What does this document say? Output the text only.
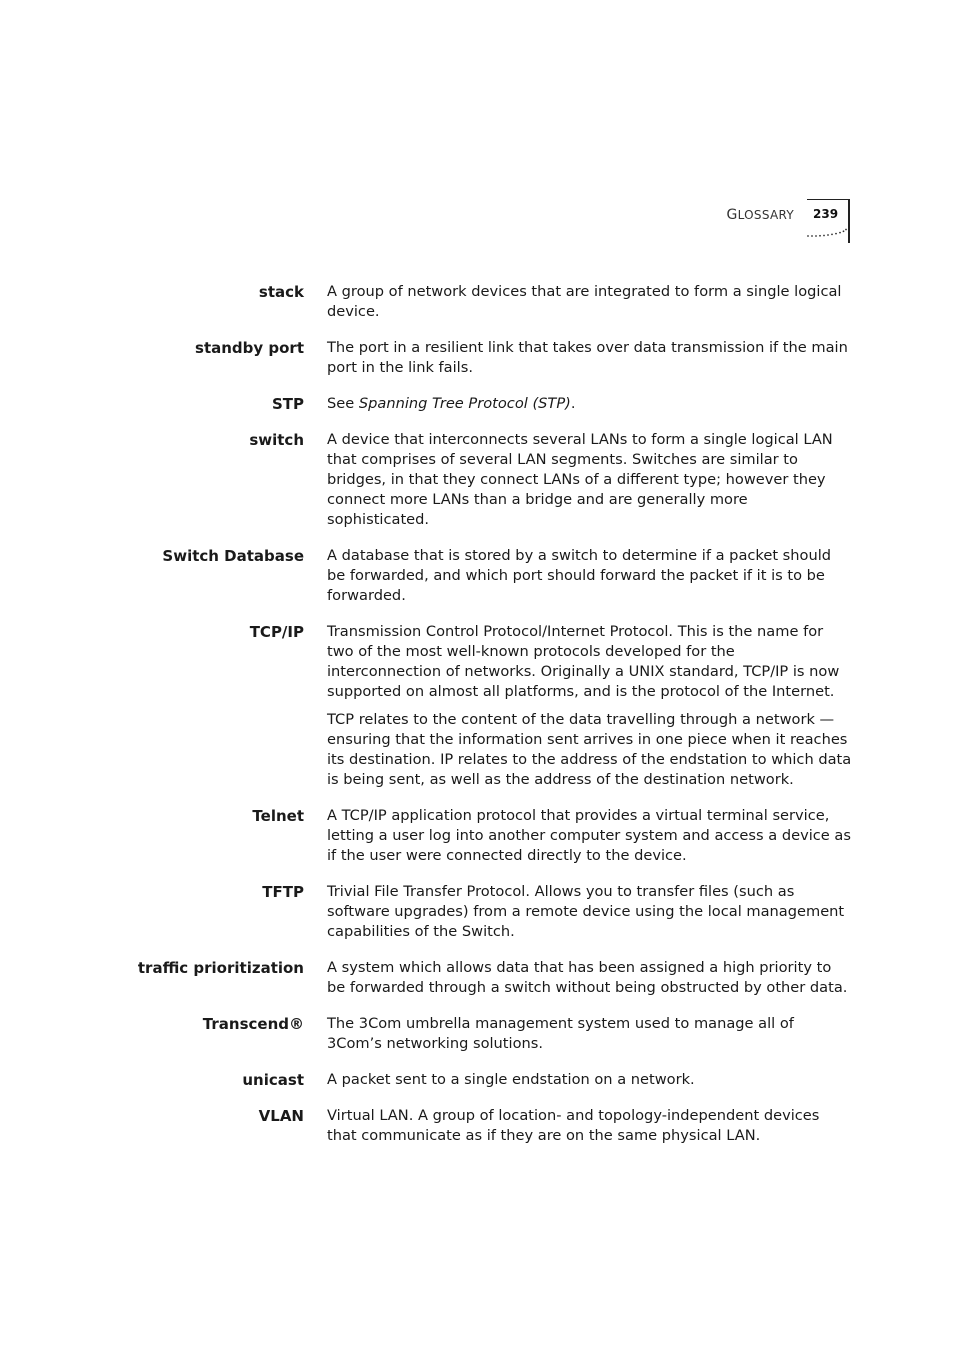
GLOSSARY 239
stack A group of network devices that are integrated to form a single logical device.

standby port The port in a resilient link that takes over data transmission if the main port in the link fails.

STP See Spanning Tree Protocol (STP).

switch A device that interconnects several LANs to form a single logical LAN that comprises of several LAN segments. Switches are similar to bridges, in that they connect LANs of a different type; however they connect more LANs than a bridge and are generally more sophisticated.

Switch Database A database that is stored by a switch to determine if a packet should be forwarded, and which port should forward the packet if it is to be forwarded.

TCP/IP Transmission Control Protocol/Internet Protocol. This is the name for two of the most well-known protocols developed for the interconnection of networks. Originally a UNIX standard, TCP/IP is now supported on almost all platforms, and is the protocol of the Internet.

TCP relates to the content of the data travelling through a network — ensuring that the information sent arrives in one piece when it reaches its destination. IP relates to the address of the endstation to which data is being sent, as well as the address of the destination network.

Telnet A TCP/IP application protocol that provides a virtual terminal service, letting a user log into another computer system and access a device as if the user were connected directly to the device.

TFTP Trivial File Transfer Protocol. Allows you to transfer files (such as software upgrades) from a remote device using the local management capabilities of the Switch.

traffic prioritization A system which allows data that has been assigned a high priority to be forwarded through a switch without being obstructed by other data.

Transcend® The 3Com umbrella management system used to manage all of 3Com’s networking solutions.

unicast A packet sent to a single endstation on a network.

VLAN Virtual LAN. A group of location- and topology-independent devices that communicate as if they are on the same physical LAN.
